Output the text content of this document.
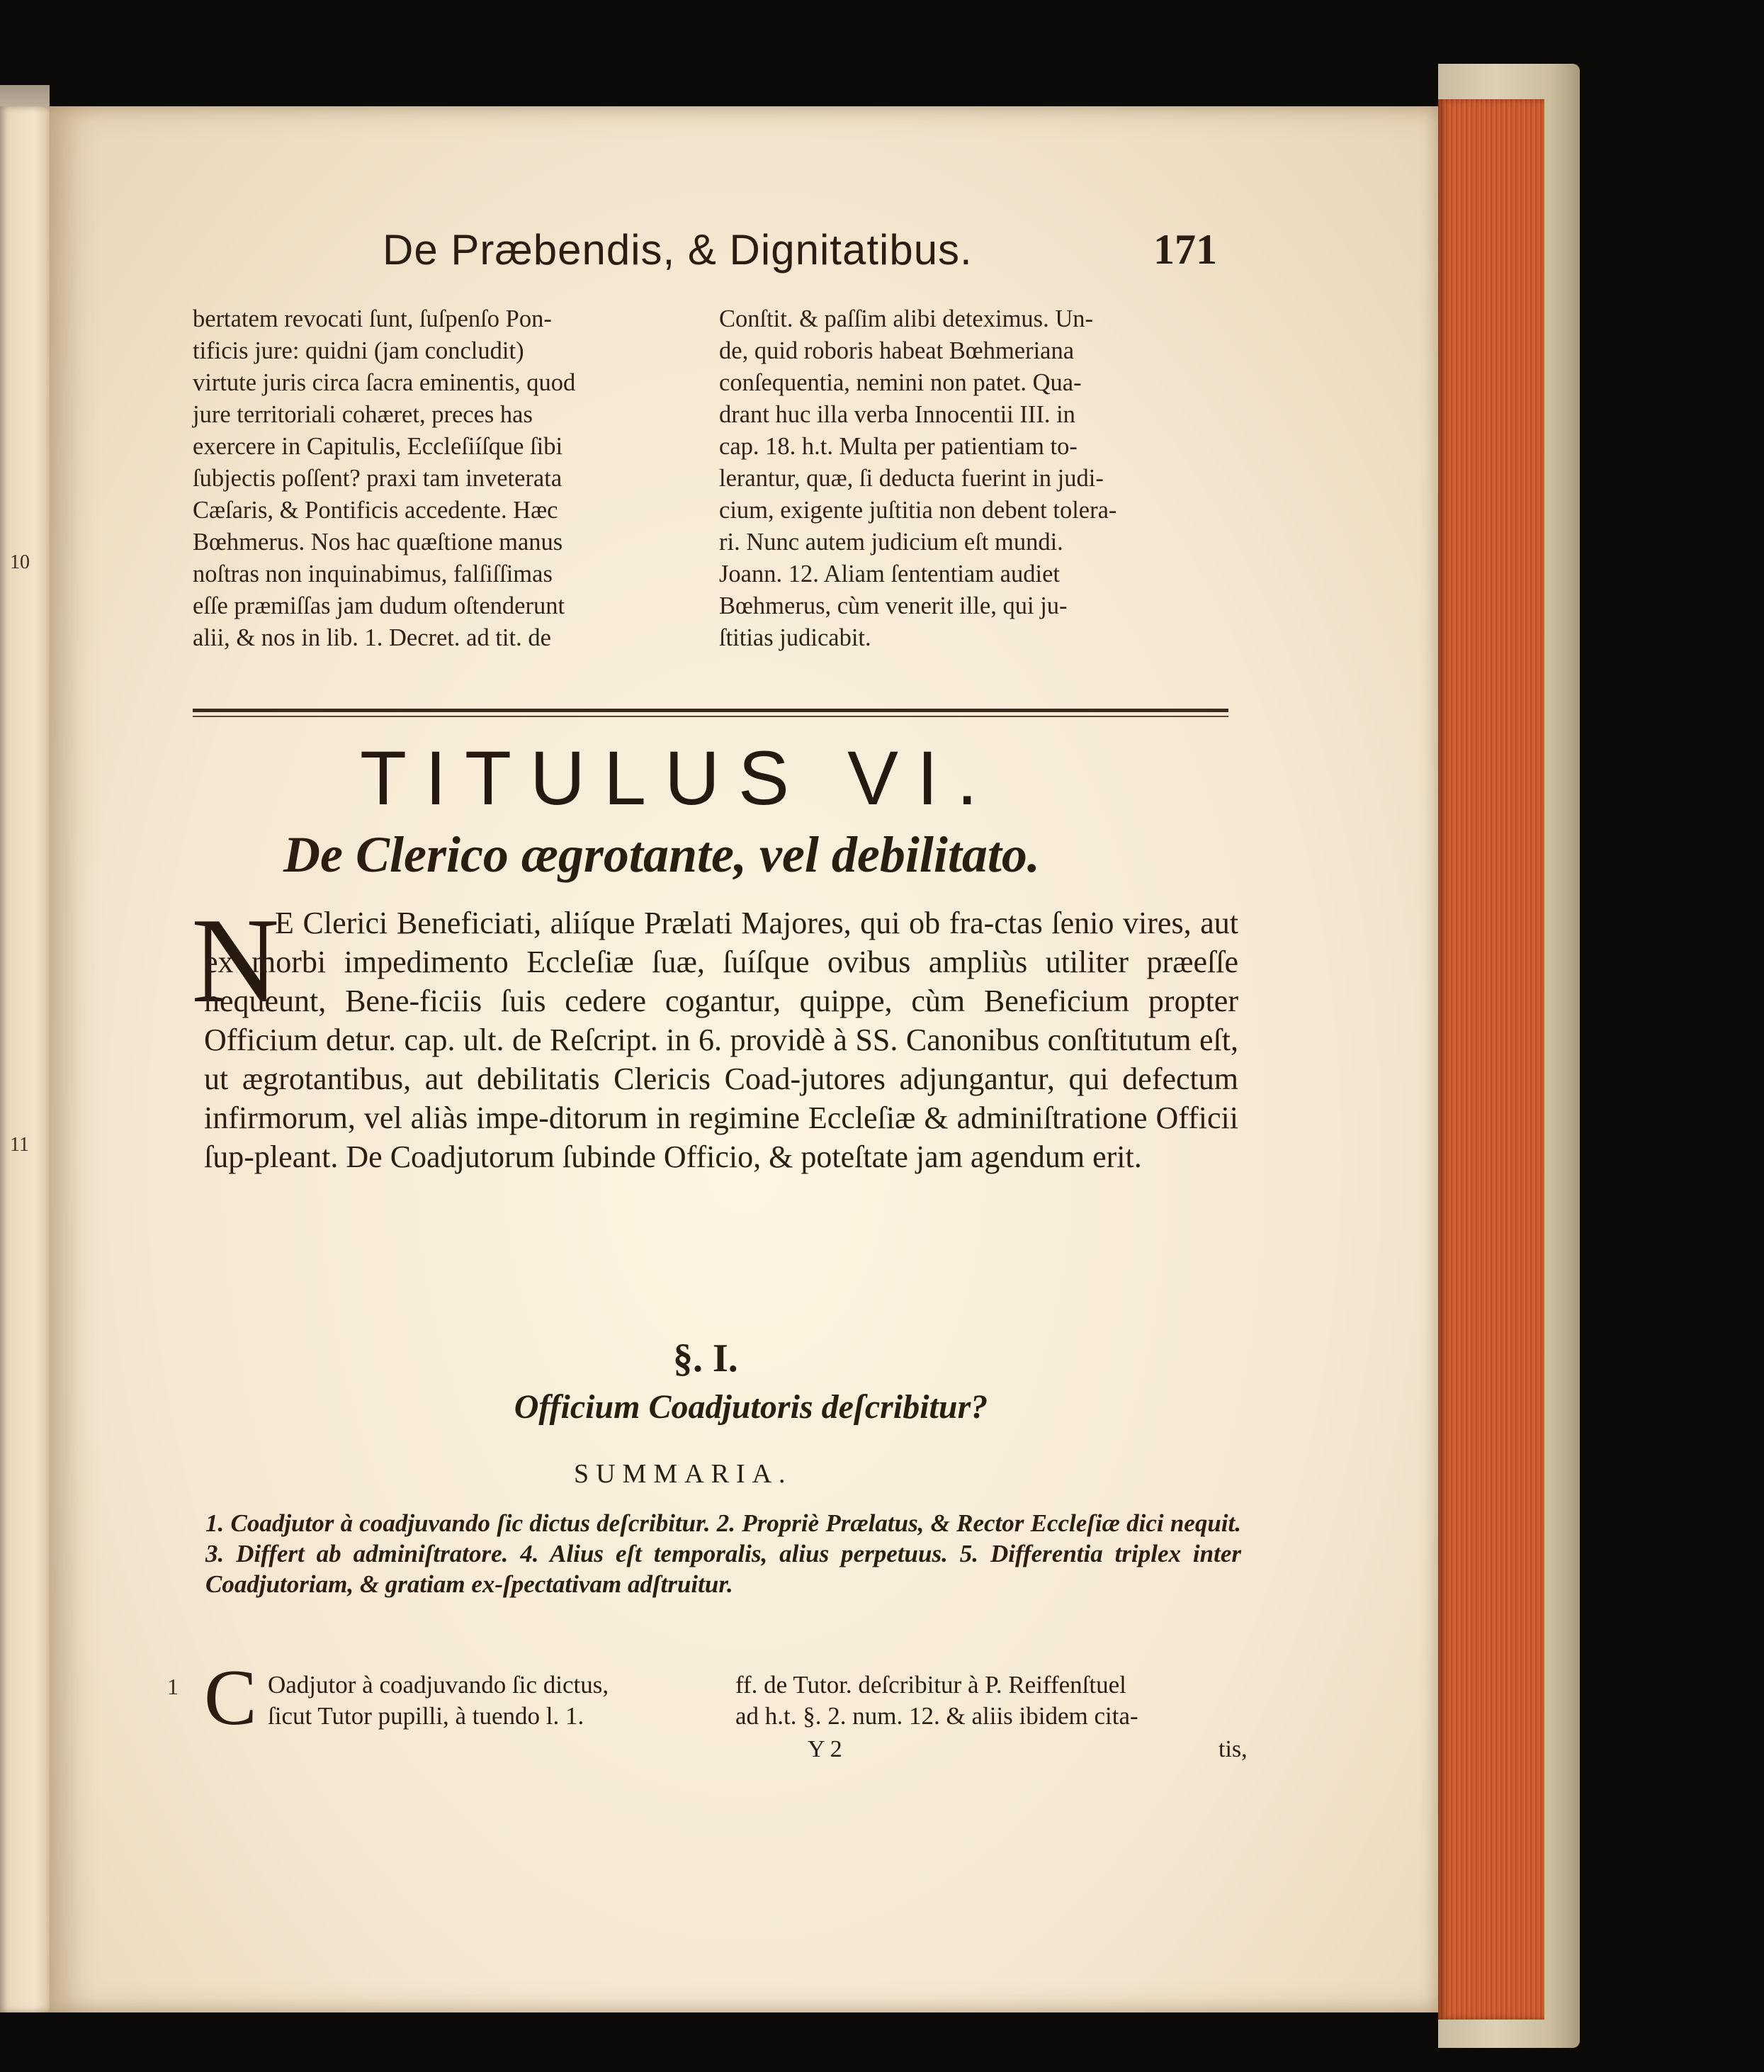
10
11
1
De Præbendis, & Dignitatibus.	171

bertatem revocati ſunt, ſuſpenſo Pon-

tificis jure: quidni (jam concludit)

virtute juris circa ſacra eminentis, quod

jure territoriali cohæret, preces has

exercere in Capitulis, Eccleſiíſque ſibi

ſubjectis poſſent? praxi tam inveterata

Cæſaris, & Pontificis accedente. Hæc

Bœhmerus. Nos hac quæſtione manus

noſtras non inquinabimus, falſiſſimas

eſſe præmiſſas jam dudum oſtenderunt

alii, & nos in lib. 1. Decret. ad tit. de

Conſtit. & paſſim alibi deteximus. Un-

de, quid roboris habeat Bœhmeriana

conſequentia, nemini non patet. Qua-

drant huc illa verba Innocentii III. in

cap. 18. h.t. Multa per patientiam to-

lerantur, quæ, ſi deducta fuerint in judi-

cium, exigente juſtitia non debent tolera-

ri. Nunc autem judicium eſt mundi.

Joann. 12. Aliam ſententiam audiet

Bœhmerus, cùm venerit ille, qui ju-

ſtitias judicabit.

TITULUS VI.
De Clerico ægrotante, vel debilitato.
N
E Clerici Beneficiati, aliíque Prælati Majores, qui ob fra-ctas ſenio vires, aut ex morbi impedimento Eccleſiæ ſuæ, ſuíſque ovibus ampliùs utiliter præeſſe nequeunt, Bene-ficiis ſuis cedere cogantur, quippe, cùm Beneficium propter Officium detur. cap. ult. de Reſcript. in 6. providè à SS. Canonibus conſtitutum eſt, ut ægrotantibus, aut debilitatis Clericis Coad-jutores adjungantur, qui defectum infirmorum, vel aliàs impe-ditorum in regimine Eccleſiæ & adminiſtratione Officii ſup-pleant. De Coadjutorum ſubinde Officio, & poteſtate jam agendum erit.
§. I.
Officium Coadjutoris deſcribitur?
SUMMARIA.
1. Coadjutor à coadjuvando ſic dictus deſcribitur. 2. Propriè Prælatus, & Rector Eccleſiæ dici nequit. 3. Differt ab adminiſtratore. 4. Alius eſt temporalis, alius perpetuus. 5. Differentia triplex inter Coadjutoriam, & gratiam ex-ſpectativam adſtruitur.
C Oadjutor à coadjuvando ſic dictus,
ſicut Tutor pupilli, à tuendo l. 1.
ff. de Tutor. deſcribitur à P. Reiffenſtuel
ad h.t. §. 2. num. 12. & aliis ibidem cita-
Y 2	tis,
